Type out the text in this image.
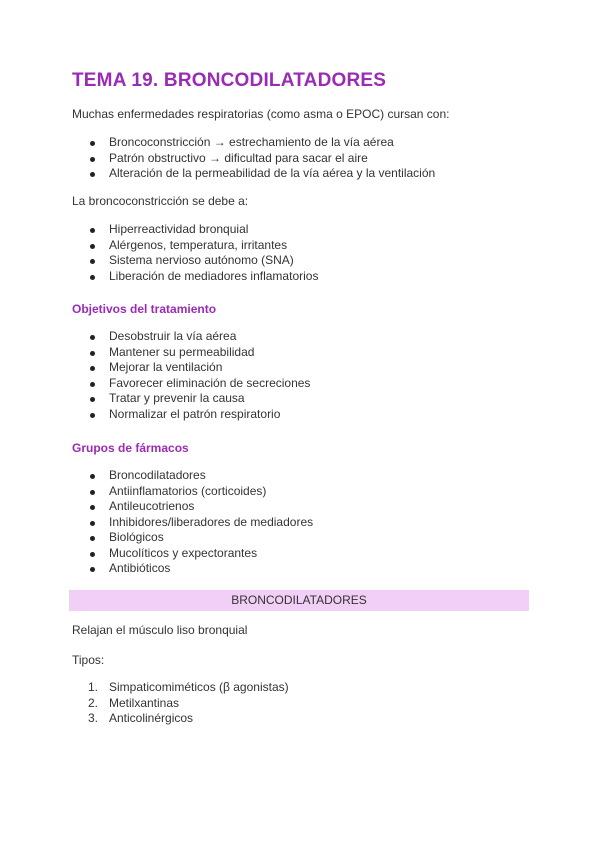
TEMA 19. BRONCODILATADORES

Muchas enfermedades respiratorias (como asma o EPOC) cursan con:

Broncoconstricción → estrechamiento de la vía aérea
Patrón obstructivo → dificultad para sacar el aire
Alteración de la permeabilidad de la vía aérea y la ventilación

La broncoconstricción se debe a:

Hiperreactividad bronquial
Alérgenos, temperatura, irritantes
Sistema nervioso autónomo (SNA)
Liberación de mediadores inflamatorios
Objetivos del tratamiento
Desobstruir la vía aérea
Mantener su permeabilidad
Mejorar la ventilación
Favorecer eliminación de secreciones
Tratar y prevenir la causa
Normalizar el patrón respiratorio
Grupos de fármacos
Broncodilatadores
Antiinflamatorios (corticoides)
Antileucotrienos
Inhibidores/liberadores de mediadores
Biológicos
Mucolíticos y expectorantes
Antibióticos
BRONCODILATADORES

Relajan el músculo liso bronquial

Tipos:

1. Simpaticomiméticos (β agonistas)
2. Metilxantinas
3. Anticolinérgicos
